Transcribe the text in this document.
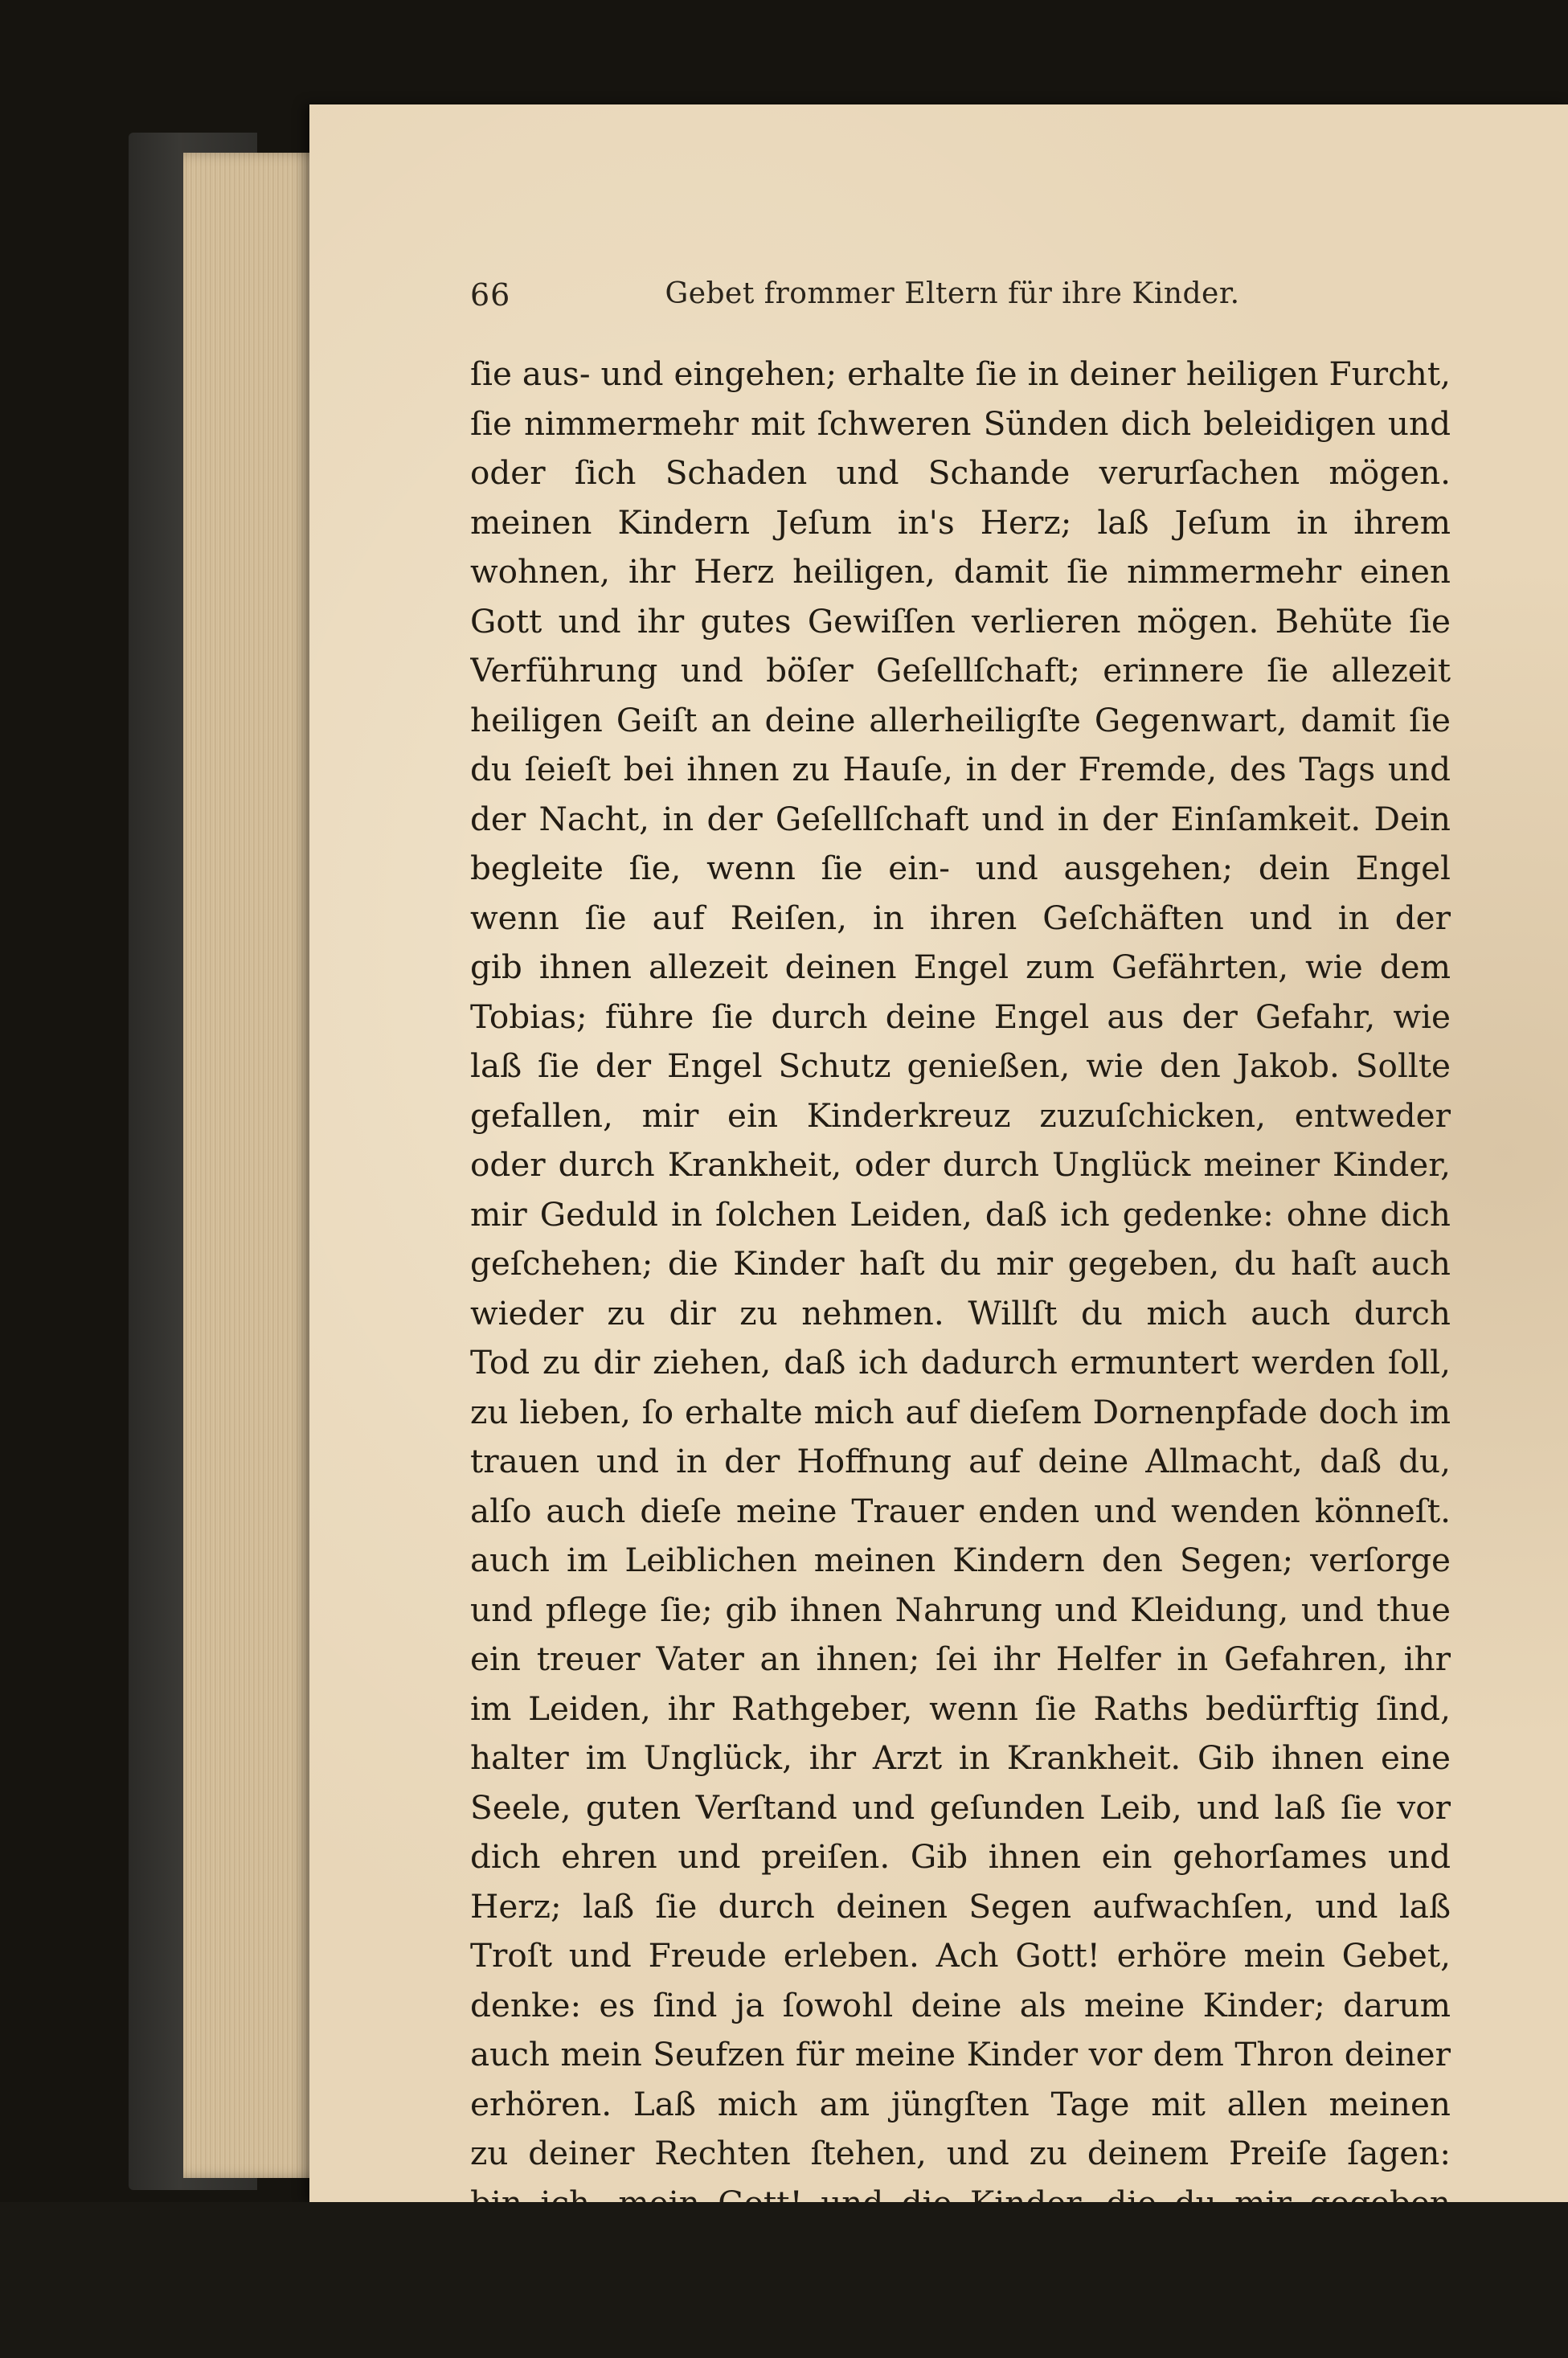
66	Gebet frommer Eltern für ihre Kinder.
ſie aus- und eingehen; erhalte ſie in deiner heiligen Furcht,
ſie nimmermehr mit ſchweren Sünden dich beleidigen und
oder ſich Schaden und Schande verurſachen mögen.
meinen Kindern Jeſum in's Herz; laß Jeſum in ihrem
wohnen, ihr Herz heiligen, damit ſie nimmermehr einen
Gott und ihr gutes Gewiſſen verlieren mögen. Behüte ſie
Verführung und böſer Geſellſchaft; erinnere ſie allezeit
heiligen Geiſt an deine allerheiligſte Gegenwart, damit ſie
du ſeieſt bei ihnen zu Hauſe, in der Fremde, des Tags und
der Nacht, in der Geſellſchaft und in der Einſamkeit. Dein
begleite ſie, wenn ſie ein- und ausgehen; dein Engel
wenn ſie auf Reiſen, in ihren Geſchäften und in der
gib ihnen allezeit deinen Engel zum Gefährten, wie dem
Tobias; führe ſie durch deine Engel aus der Gefahr, wie
laß ſie der Engel Schutz genießen, wie den Jakob. Sollte
gefallen, mir ein Kinderkreuz zuzuſchicken, entweder
oder durch Krankheit, oder durch Unglück meiner Kinder,
mir Geduld in ſolchen Leiden, daß ich gedenke: ohne dich
geſchehen; die Kinder haſt du mir gegeben, du haſt auch
wieder zu dir zu nehmen. Willſt du mich auch durch
Tod zu dir ziehen, daß ich dadurch ermuntert werden ſoll,
zu lieben, ſo erhalte mich auf dieſem Dornenpfade doch im
trauen und in der Hoffnung auf deine Allmacht, daß du,
alſo auch dieſe meine Trauer enden und wenden könneſt.
auch im Leiblichen meinen Kindern den Segen; verſorge
und pflege ſie; gib ihnen Nahrung und Kleidung, und thue
ein treuer Vater an ihnen; ſei ihr Helfer in Gefahren, ihr
im Leiden, ihr Rathgeber, wenn ſie Raths bedürftig ſind,
halter im Unglück, ihr Arzt in Krankheit. Gib ihnen eine
Seele, guten Verſtand und geſunden Leib, und laß ſie vor
dich ehren und preiſen. Gib ihnen ein gehorſames und
Herz; laß ſie durch deinen Segen aufwachſen, und laß
Troſt und Freude erleben. Ach Gott! erhöre mein Gebet,
denke: es ſind ja ſowohl deine als meine Kinder; darum
auch mein Seufzen für meine Kinder vor dem Thron deiner
erhören. Laß mich am jüngſten Tage mit allen meinen
zu deiner Rechten ſtehen, und zu deinem Preiſe ſagen:
